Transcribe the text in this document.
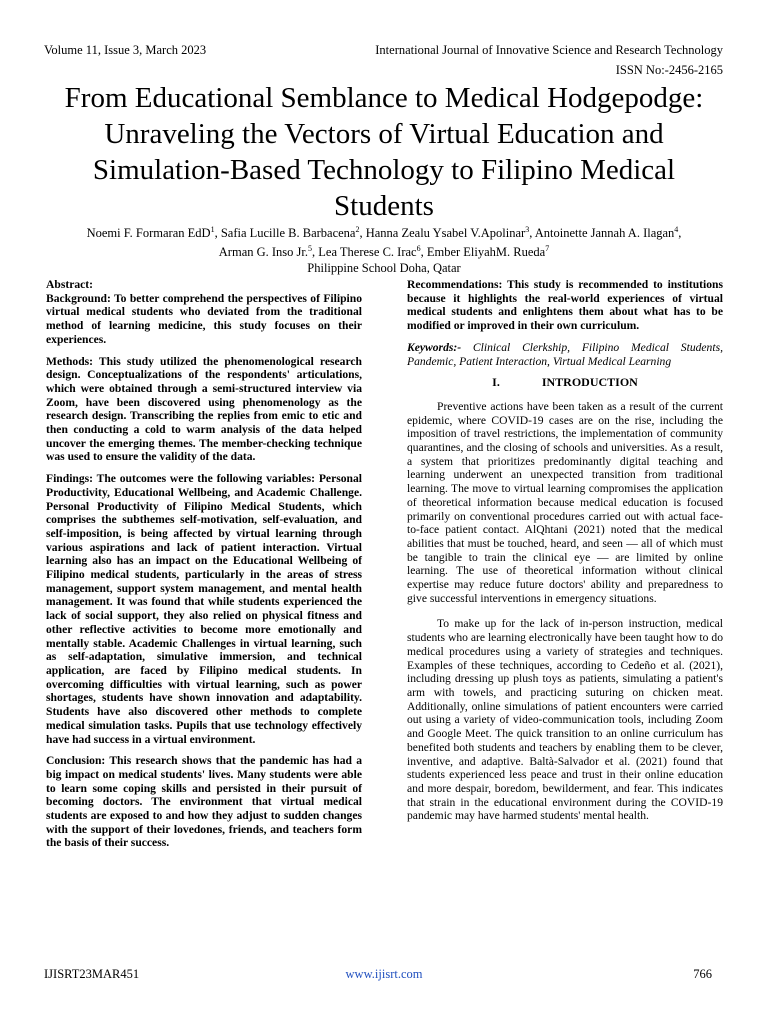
Volume 11, Issue 3, March 2023	International Journal of Innovative Science and Research Technology
ISSN No:-2456-2165
From Educational Semblance to Medical Hodgepodge: Unraveling the Vectors of Virtual Education and Simulation-Based Technology to Filipino Medical Students
Noemi F. Formaran EdD$^1$, Safia Lucille B. Barbacena$^2$, Hanna Zealu Ysabel V.Apolinar$^3$, Antoinette Jannah A. Ilagan$^4$,
Arman G. Inso Jr.$^5$, Lea Therese C. Irac$^6$, Ember EliyahM. Rueda$^7$
Philippine School Doha, Qatar

Abstract:

Background: To better comprehend the perspectives of Filipino virtual medical students who deviated from the traditional method of learning medicine, this study focuses on their experiences.

Methods: This study utilized the phenomenological research design. Conceptualizations of the respondents' articulations, which were obtained through a semi-structured interview via Zoom, have been discovered using phenomenology as the research design. Transcribing the replies from emic to etic and then conducting a cold to warm analysis of the data helped uncover the emerging themes. The member-checking technique was used to ensure the validity of the data.

Findings: The outcomes were the following variables: Personal Productivity, Educational Wellbeing, and Academic Challenge. Personal Productivity of Filipino Medical Students, which comprises the subthemes self-motivation, self-evaluation, and self-imposition, is being affected by virtual learning through various aspirations and lack of patient interaction. Virtual learning also has an impact on the Educational Wellbeing of Filipino medical students, particularly in the areas of stress management, support system management, and mental health management. It was found that while students experienced the lack of social support, they also relied on physical fitness and other reflective activities to become more emotionally and mentally stable. Academic Challenges in virtual learning, such as self-adaptation, simulative immersion, and technical application, are faced by Filipino medical students. In overcoming difficulties with virtual learning, such as power shortages, students have shown innovation and adaptability. Students have also discovered other methods to complete medical simulation tasks. Pupils that use technology effectively have had success in a virtual environment.

Conclusion: This research shows that the pandemic has had a big impact on medical students' lives. Many students were able to learn some coping skills and persisted in their pursuit of becoming doctors. The environment that virtual medical students are exposed to and how they adjust to sudden changes with the support of their lovedones, friends, and teachers form the basis of their success.

Recommendations: This study is recommended to institutions because it highlights the real-world experiences of virtual medical students and enlightens them about what has to be modified or improved in their own curriculum.

Keywords:- Clinical Clerkship, Filipino Medical Students, Pandemic, Patient Interaction, Virtual Medical Learning

I.	INTRODUCTION

Preventive actions have been taken as a result of the current epidemic, where COVID-19 cases are on the rise, including the imposition of travel restrictions, the implementation of community quarantines, and the closing of schools and universities. As a result, a system that prioritizes predominantly digital teaching and learning underwent an unexpected transition from traditional learning. The move to virtual learning compromises the application of theoretical information because medical education is focused primarily on conventional procedures carried out with actual face-to-face patient contact. AlQhtani (2021) noted that the medical abilities that must be touched, heard, and seen — all of which must be tangible to train the clinical eye — are limited by online learning. The use of theoretical information without clinical expertise may reduce future doctors' ability and preparedness to give successful interventions in emergency situations.

To make up for the lack of in-person instruction, medical students who are learning electronically have been taught how to do medical procedures using a variety of strategies and techniques. Examples of these techniques, according to Cedeño et al. (2021), including dressing up plush toys as patients, simulating a patient's arm with towels, and practicing suturing on chicken meat. Additionally, online simulations of patient encounters were carried out using a variety of video-communication tools, including Zoom and Google Meet. The quick transition to an online curriculum has benefited both students and teachers by enabling them to be clever, inventive, and adaptive. Baltà-Salvador et al. (2021) found that students experienced less peace and trust in their online education and more despair, boredom, bewilderment, and fear. This indicates that strain in the educational environment during the COVID-19 pandemic may have harmed students' mental health.

IJISRT23MAR451	www.ijisrt.com	766
